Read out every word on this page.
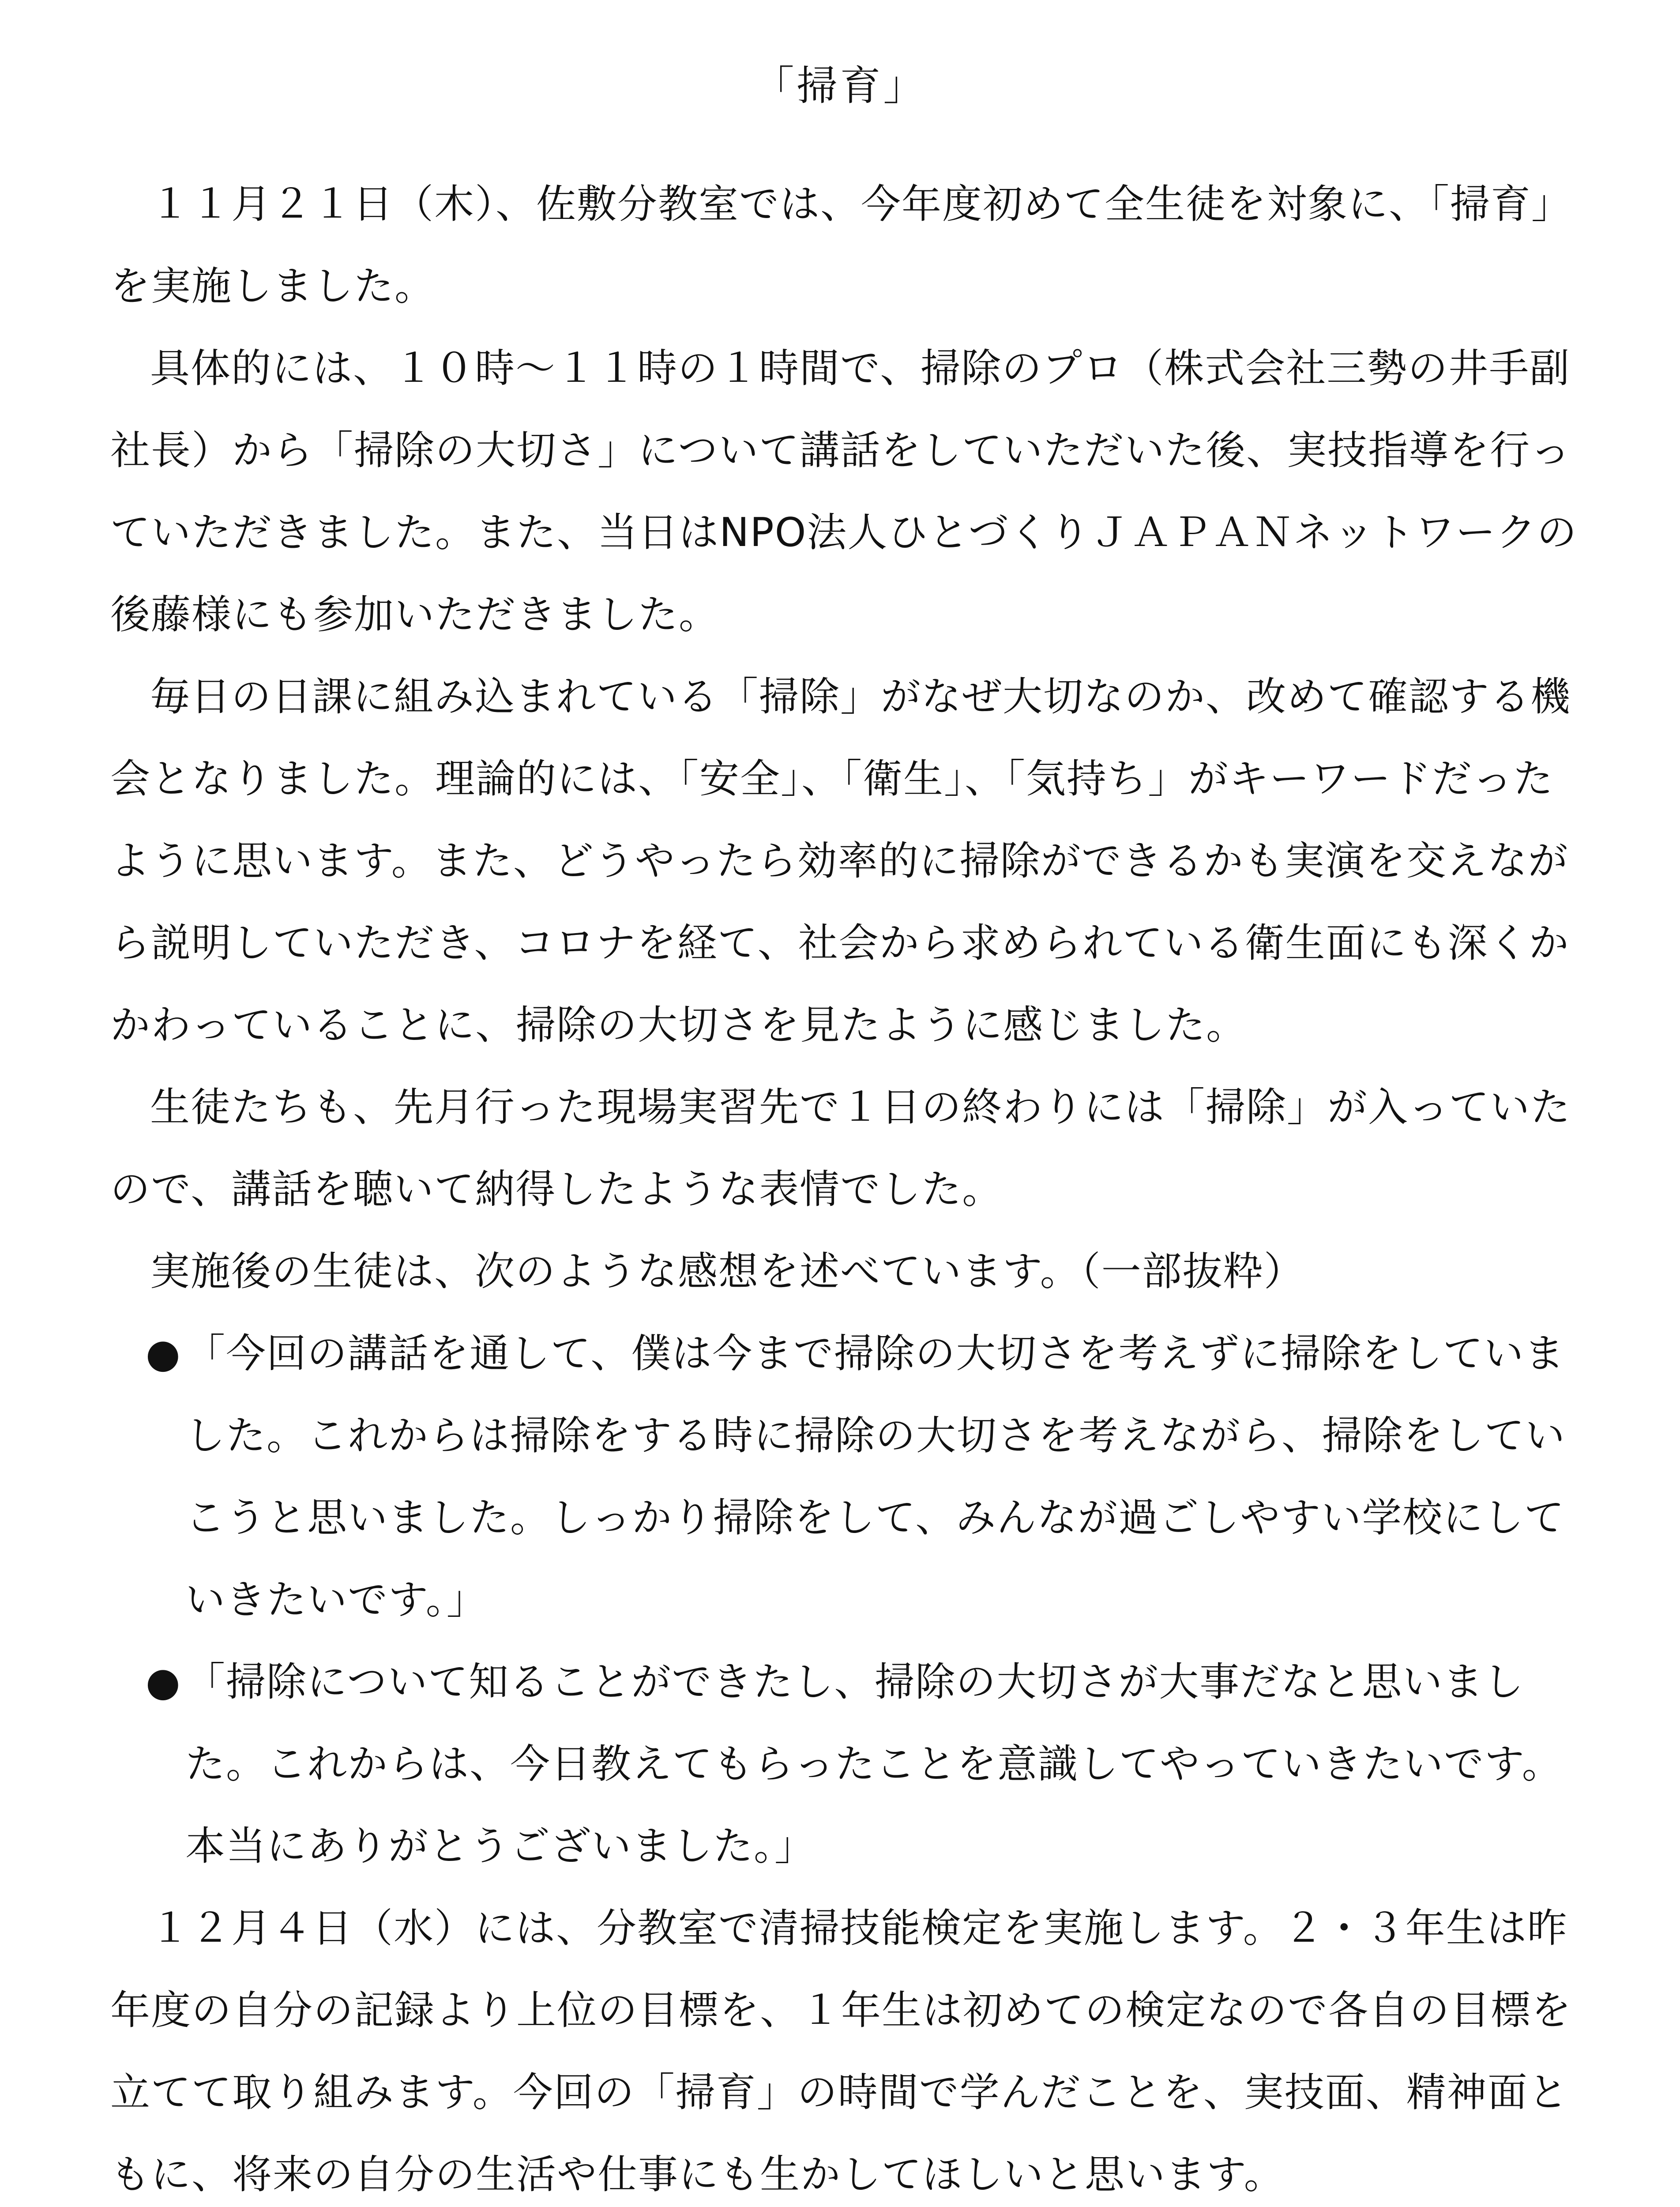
「掃育」

１１月２１日（木）、佐敷分教室では、今年度初めて全生徒を対象に、「掃育」を実施しました。

具体的には、１０時～１１時の１時間で、掃除のプロ（株式会社三勢の井手副社長）から「掃除の大切さ」について講話をしていただいた後、実技指導を行っていただきました。また、当日はNPO法人ひとづくりＪＡＰＡＮネットワークの後藤様にも参加いただきました。

毎日の日課に組み込まれている「掃除」がなぜ大切なのか、改めて確認する機会となりました。理論的には、「安全」、「衛生」、「気持ち」がキーワードだったように思います。また、どうやったら効率的に掃除ができるかも実演を交えながら説明していただき、コロナを経て、社会から求められている衛生面にも深くかかわっていることに、掃除の大切さを見たように感じました。

生徒たちも、先月行った現場実習先で１日の終わりには「掃除」が入っていたので、講話を聴いて納得したような表情でした。

実施後の生徒は、次のような感想を述べています。（一部抜粋）

● 「今回の講話を通して、僕は今まで掃除の大切さを考えずに掃除をしていました。これからは掃除をする時に掃除の大切さを考えながら、掃除をしていこうと思いました。しっかり掃除をして、みんなが過ごしやすい学校にしていきたいです。」
● 「掃除について知ることができたし、掃除の大切さが大事だなと思いました。これからは、今日教えてもらったことを意識してやっていきたいです。本当にありがとうございました。」

１２月４日（水）には、分教室で清掃技能検定を実施します。２・３年生は昨年度の自分の記録より上位の目標を、１年生は初めての検定なので各自の目標を立てて取り組みます。今回の「掃育」の時間で学んだことを、実技面、精神面ともに、将来の自分の生活や仕事にも生かしてほしいと思います。
